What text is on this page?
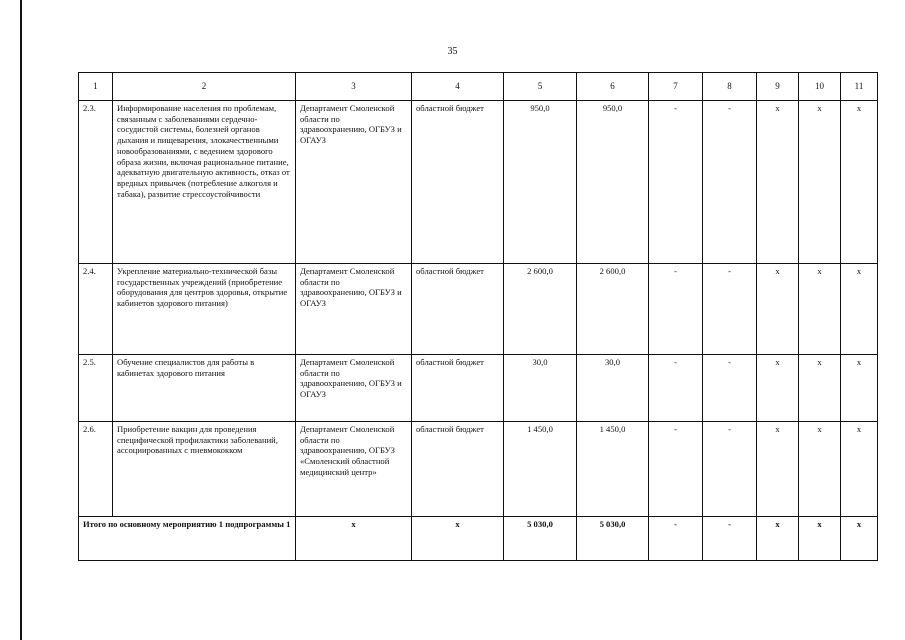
35
1	2	3	4	5	6	7	8	9	10	11
2.3.	Информирование населения по проблемам, связанным с заболеваниями сердечно-сосудистой системы, болезней органов дыхания и пищеварения, злокачественными новообразованиями, с ведением здорового образа жизни, включая рациональное питание, адекватную двигательную активность, отказ от вредных привычек (потребление алкоголя и табака), развитие стрессоустойчивости	Департамент Смоленской области по здравоохранению, ОГБУЗ и ОГАУЗ	областной бюджет	950,0	950,0	-	-	x	x	x
2.4.	Укрепление материально-технической базы государственных учреждений (приобретение оборудования для центров здоровья, открытие кабинетов здорового питания)	Департамент Смоленской области по здравоохранению, ОГБУЗ и ОГАУЗ	областной бюджет	2 600,0	2 600,0	-	-	x	x	x
2.5.	Обучение специалистов для работы в кабинетах здорового питания	Департамент Смоленской области по здравоохранению, ОГБУЗ и ОГАУЗ	областной бюджет	30,0	30,0	-	-	x	x	x
2.6.	Приобретение вакцин для проведения специфической профилактики заболеваний, ассоциированных с пневмококком	Департамент Смоленской области по здравоохранению, ОГБУЗ «Смоленский областной медицинский центр»	областной бюджет	1 450,0	1 450,0	-	-	x	x	x
Итого по основному мероприятию 1 подпрограммы 1		x	x	5 030,0	5 030,0	-	-	x	x	x
